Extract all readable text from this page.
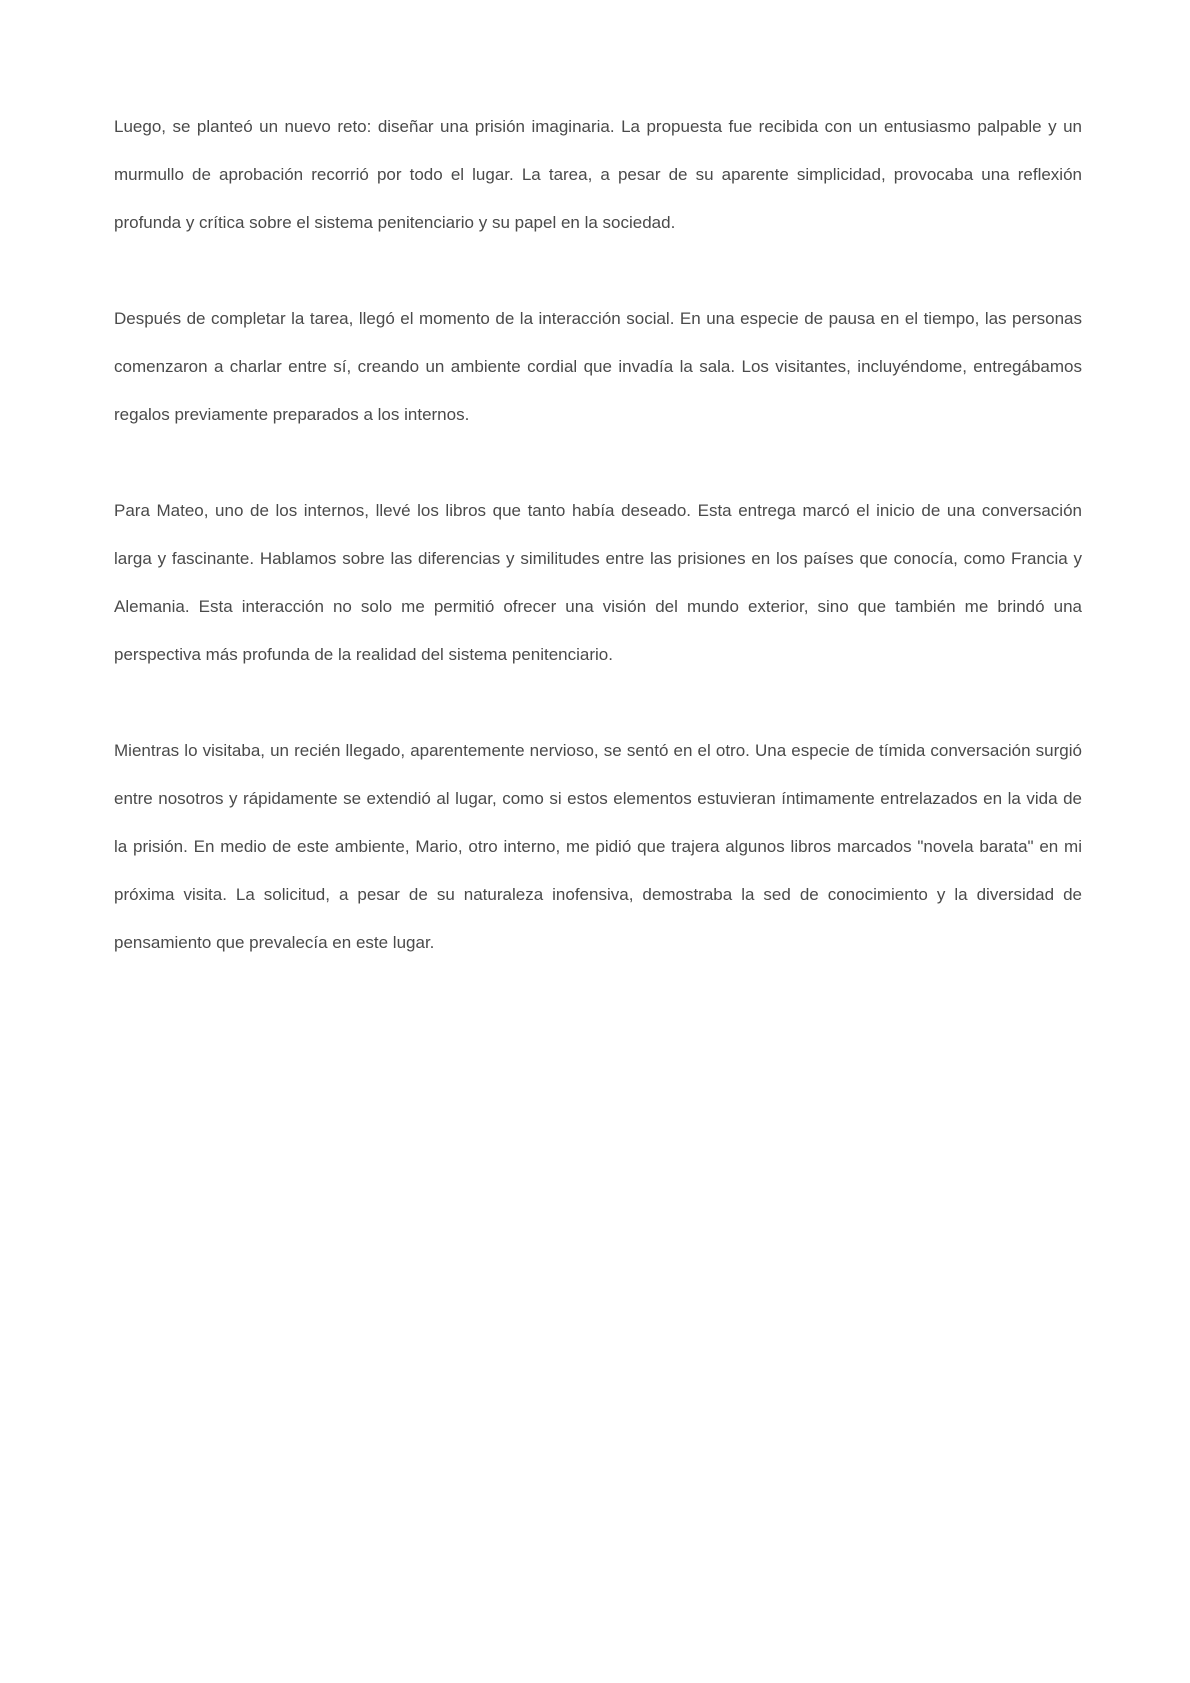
Luego, se planteó un nuevo reto: diseñar una prisión imaginaria. La propuesta fue recibida con un entusiasmo palpable y un murmullo de aprobación recorrió por todo el lugar. La tarea, a pesar de su aparente simplicidad, provocaba una reflexión profunda y crítica sobre el sistema penitenciario y su papel en la sociedad.

Después de completar la tarea, llegó el momento de la interacción social. En una especie de pausa en el tiempo, las personas comenzaron a charlar entre sí, creando un ambiente cordial que invadía la sala. Los visitantes, incluyéndome, entregábamos regalos previamente preparados a los internos.

Para Mateo, uno de los internos, llevé los libros que tanto había deseado. Esta entrega marcó el inicio de una conversación larga y fascinante. Hablamos sobre las diferencias y similitudes entre las prisiones en los países que conocía, como Francia y Alemania. Esta interacción no solo me permitió ofrecer una visión del mundo exterior, sino que también me brindó una perspectiva más profunda de la realidad del sistema penitenciario.

Mientras lo visitaba, un recién llegado, aparentemente nervioso, se sentó en el otro. Una especie de tímida conversación surgió entre nosotros y rápidamente se extendió al lugar, como si estos elementos estuvieran íntimamente entrelazados en la vida de la prisión. En medio de este ambiente, Mario, otro interno, me pidió que trajera algunos libros marcados "novela barata" en mi próxima visita. La solicitud, a pesar de su naturaleza inofensiva, demostraba la sed de conocimiento y la diversidad de pensamiento que prevalecía en este lugar.
